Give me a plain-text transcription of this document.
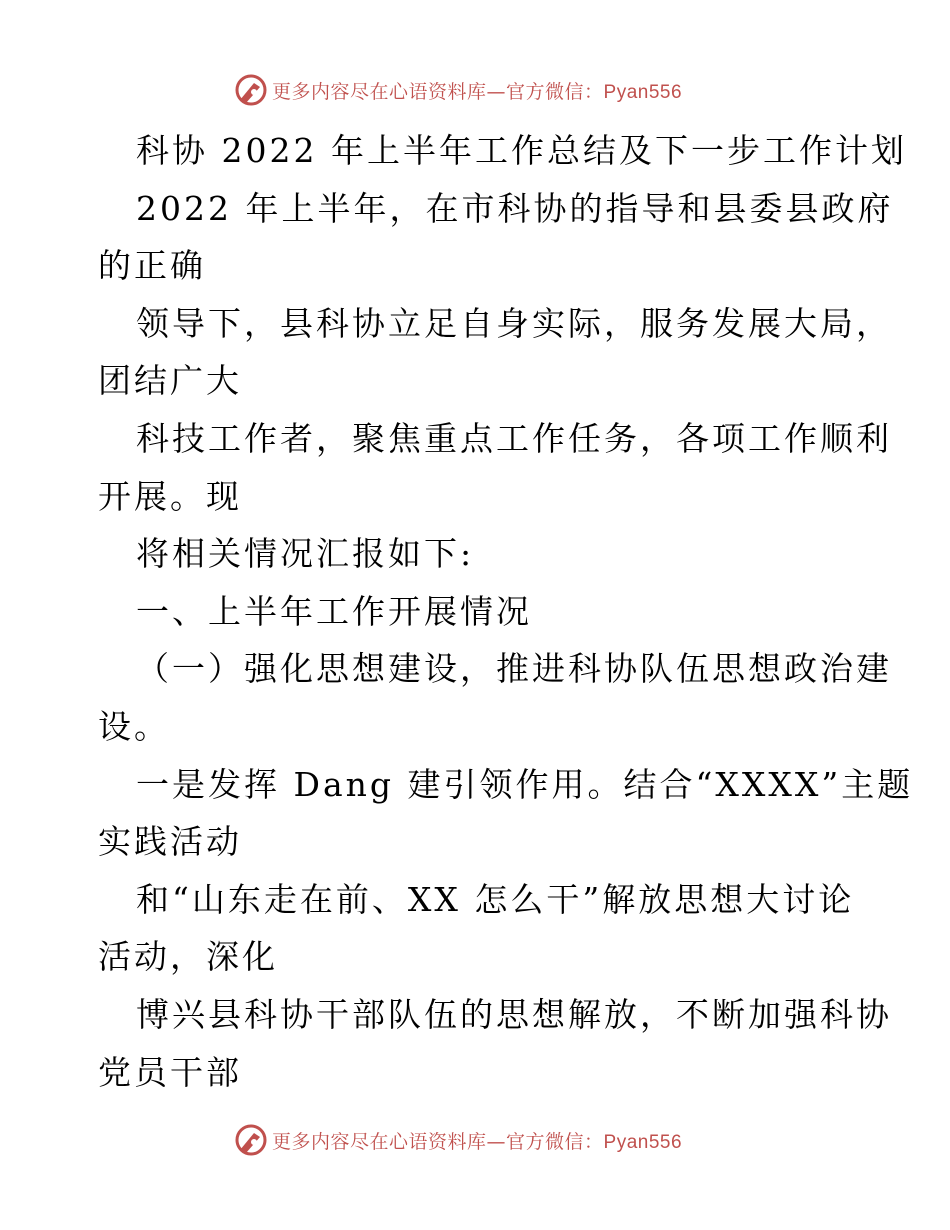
更多内容尽在心语资料库—官方微信：Pyan556
科协 2022 年上半年工作总结及下一步工作计划
2022 年上半年，在市科协的指导和县委县政府
的正确
领导下，县科协立足自身实际，服务发展大局，
团结广大
科技工作者，聚焦重点工作任务，各项工作顺利
开展。现
将相关情况汇报如下:
一、上半年工作开展情况
（一）强化思想建设，推进科协队伍思想政治建
设。
一是发挥 Dang 建引领作用。结合“XXXX”主题
实践活动
和“山东走在前、XX 怎么干”解放思想大讨论
活动，深化
博兴县科协干部队伍的思想解放，不断加强科协
党员干部
更多内容尽在心语资料库—官方微信：Pyan556
